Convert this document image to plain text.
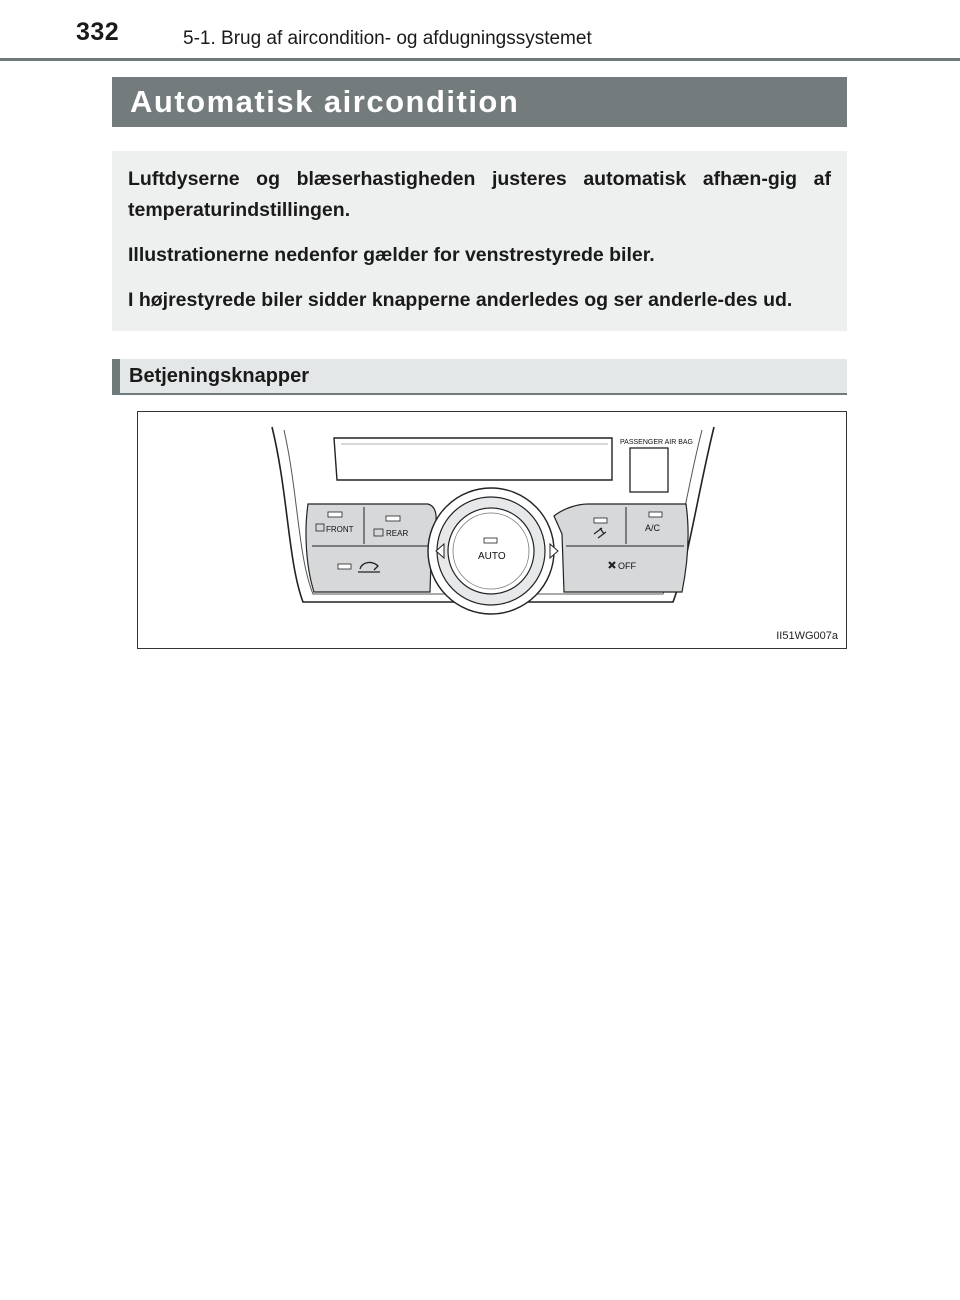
332	5-1. Brug af aircondition- og afdugningssystemet
Automatisk aircondition

Luftdyserne og blæserhastigheden justeres automatisk afhæn-gig af temperaturindstillingen.

Illustrationerne nedenfor gælder for venstrestyrede biler.

I højrestyrede biler sidder knapperne anderledes og ser anderle-des ud.

Betjeningsknapper
PASSENGER AIR BAG
FRONT	REAR
AUTO
A/C
OFF
II51WG007a
